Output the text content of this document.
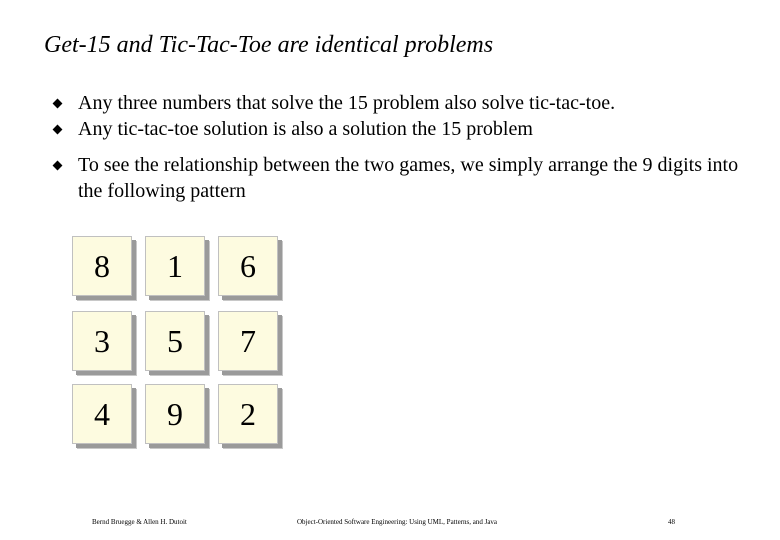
Get-15 and Tic-Tac-Toe are identical problems
Any three numbers that solve the 15 problem also solve tic-tac-toe.
Any tic-tac-toe solution is also a solution the 15 problem
To see the relationship between the two games, we simply arrange the 9 digits into the following pattern
8	1	6
3	5	7
4	9	2
Bernd Bruegge & Allen H. Dutoit	Object-Oriented Software Engineering: Using UML, Patterns, and Java	48
